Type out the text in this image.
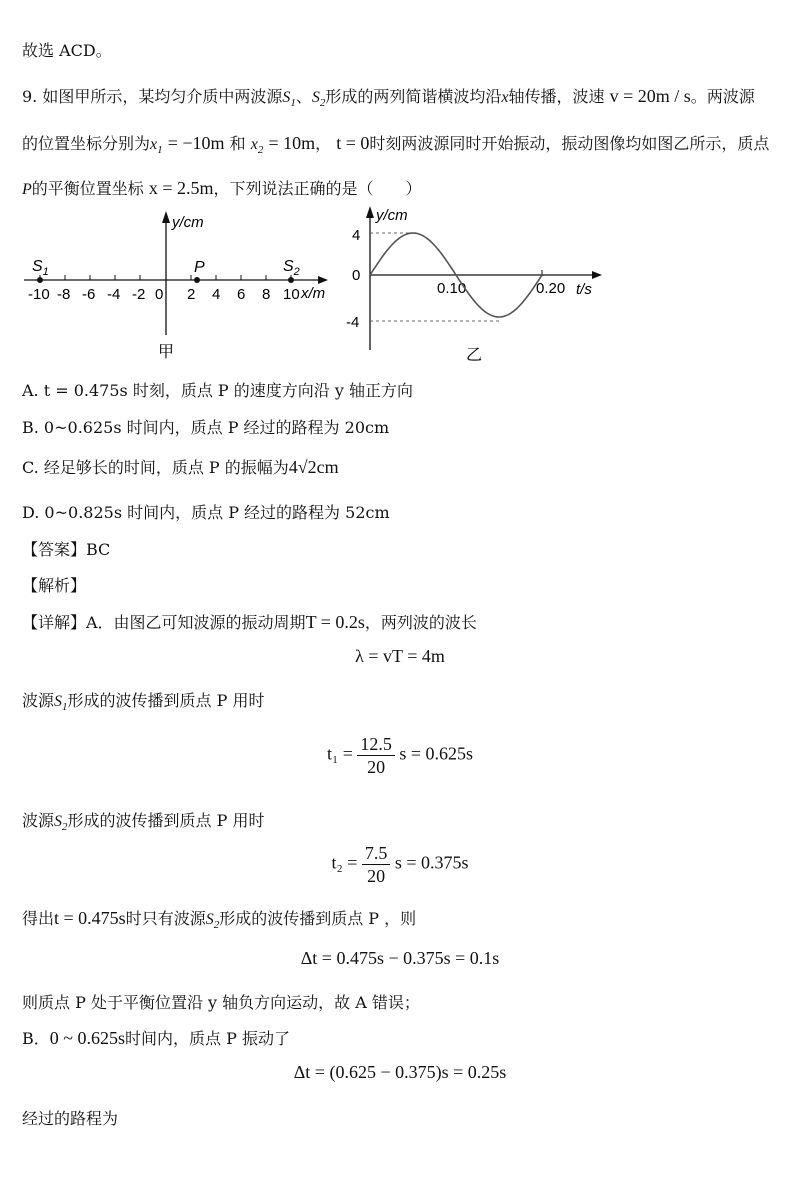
故选 ACD。
9. 如图甲所示，某均匀介质中两波源$S_1$、$S_2$形成的两列简谐横波均沿x轴传播，波速 v = 20m / s。两波源
的位置坐标分别为$x_1 = -10m$ 和 $x_2 = 10m$， t = 0时刻两波源同时开始振动，振动图像均如图乙所示，质点
P的平衡位置坐标 x = 2.5m，下列说法正确的是（　　）
y/cm
x/m
-10 -8 -6 -4 -2 0 2 4 6 8 10
$S_1$	P	$S_2$
甲
y/cm
t/s
4
0
-4
0.10	0.20
乙
A. t = 0.475s 时刻，质点 P 的速度方向沿 y 轴正方向
B. 0~0.625s 时间内，质点 P 经过的路程为 20cm
C. 经足够长的时间，质点 P 的振幅为4√2cm
D. 0~0.825s 时间内，质点 P 经过的路程为 52cm
【答案】BC
【解析】
【详解】A．由图乙可知波源的振动周期T = 0.2s，两列波的波长
λ = vT = 4m
波源$S_1$形成的波传播到质点 P 用时
$t_1 = \frac{12.5}{20}$ s = 0.625s
波源$S_2$形成的波传播到质点 P 用时
$t_2 = \frac{7.5}{20}$ s = 0.375s
得出t = 0.475s时只有波源$S_2$形成的波传播到质点 P ，则
Δt = 0.475s − 0.375s = 0.1s
则质点 P 处于平衡位置沿 y 轴负方向运动，故 A 错误；
B．0 ~ 0.625s时间内，质点 P 振动了
Δt = (0.625 − 0.375)s = 0.25s
经过的路程为
